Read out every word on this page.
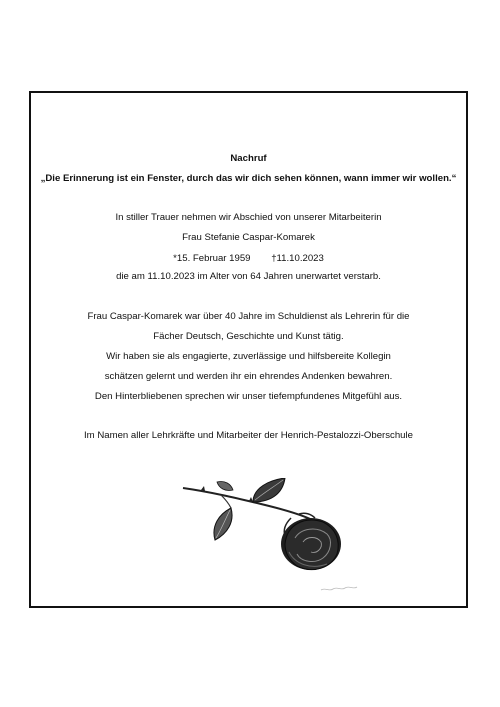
Nachruf
„Die Erinnerung ist ein Fenster, durch das wir dich sehen können, wann immer wir wollen.“
In stiller Trauer nehmen wir Abschied von unserer Mitarbeiterin
Frau Stefanie Caspar-Komarek
*15. Februar 1959 †11.10.2023
die am 11.10.2023 im Alter von 64 Jahren unerwartet verstarb.
Frau Caspar-Komarek war über 40 Jahre im Schuldienst als Lehrerin für die
Fächer Deutsch, Geschichte und Kunst tätig.
Wir haben sie als engagierte, zuverlässige und hilfsbereite Kollegin
schätzen gelernt und werden ihr ein ehrendes Andenken bewahren.
Den Hinterbliebenen sprechen wir unser tiefempfundenes Mitgefühl aus.
Im Namen aller Lehrkräfte und Mitarbeiter der Henrich-Pestalozzi-Oberschule
